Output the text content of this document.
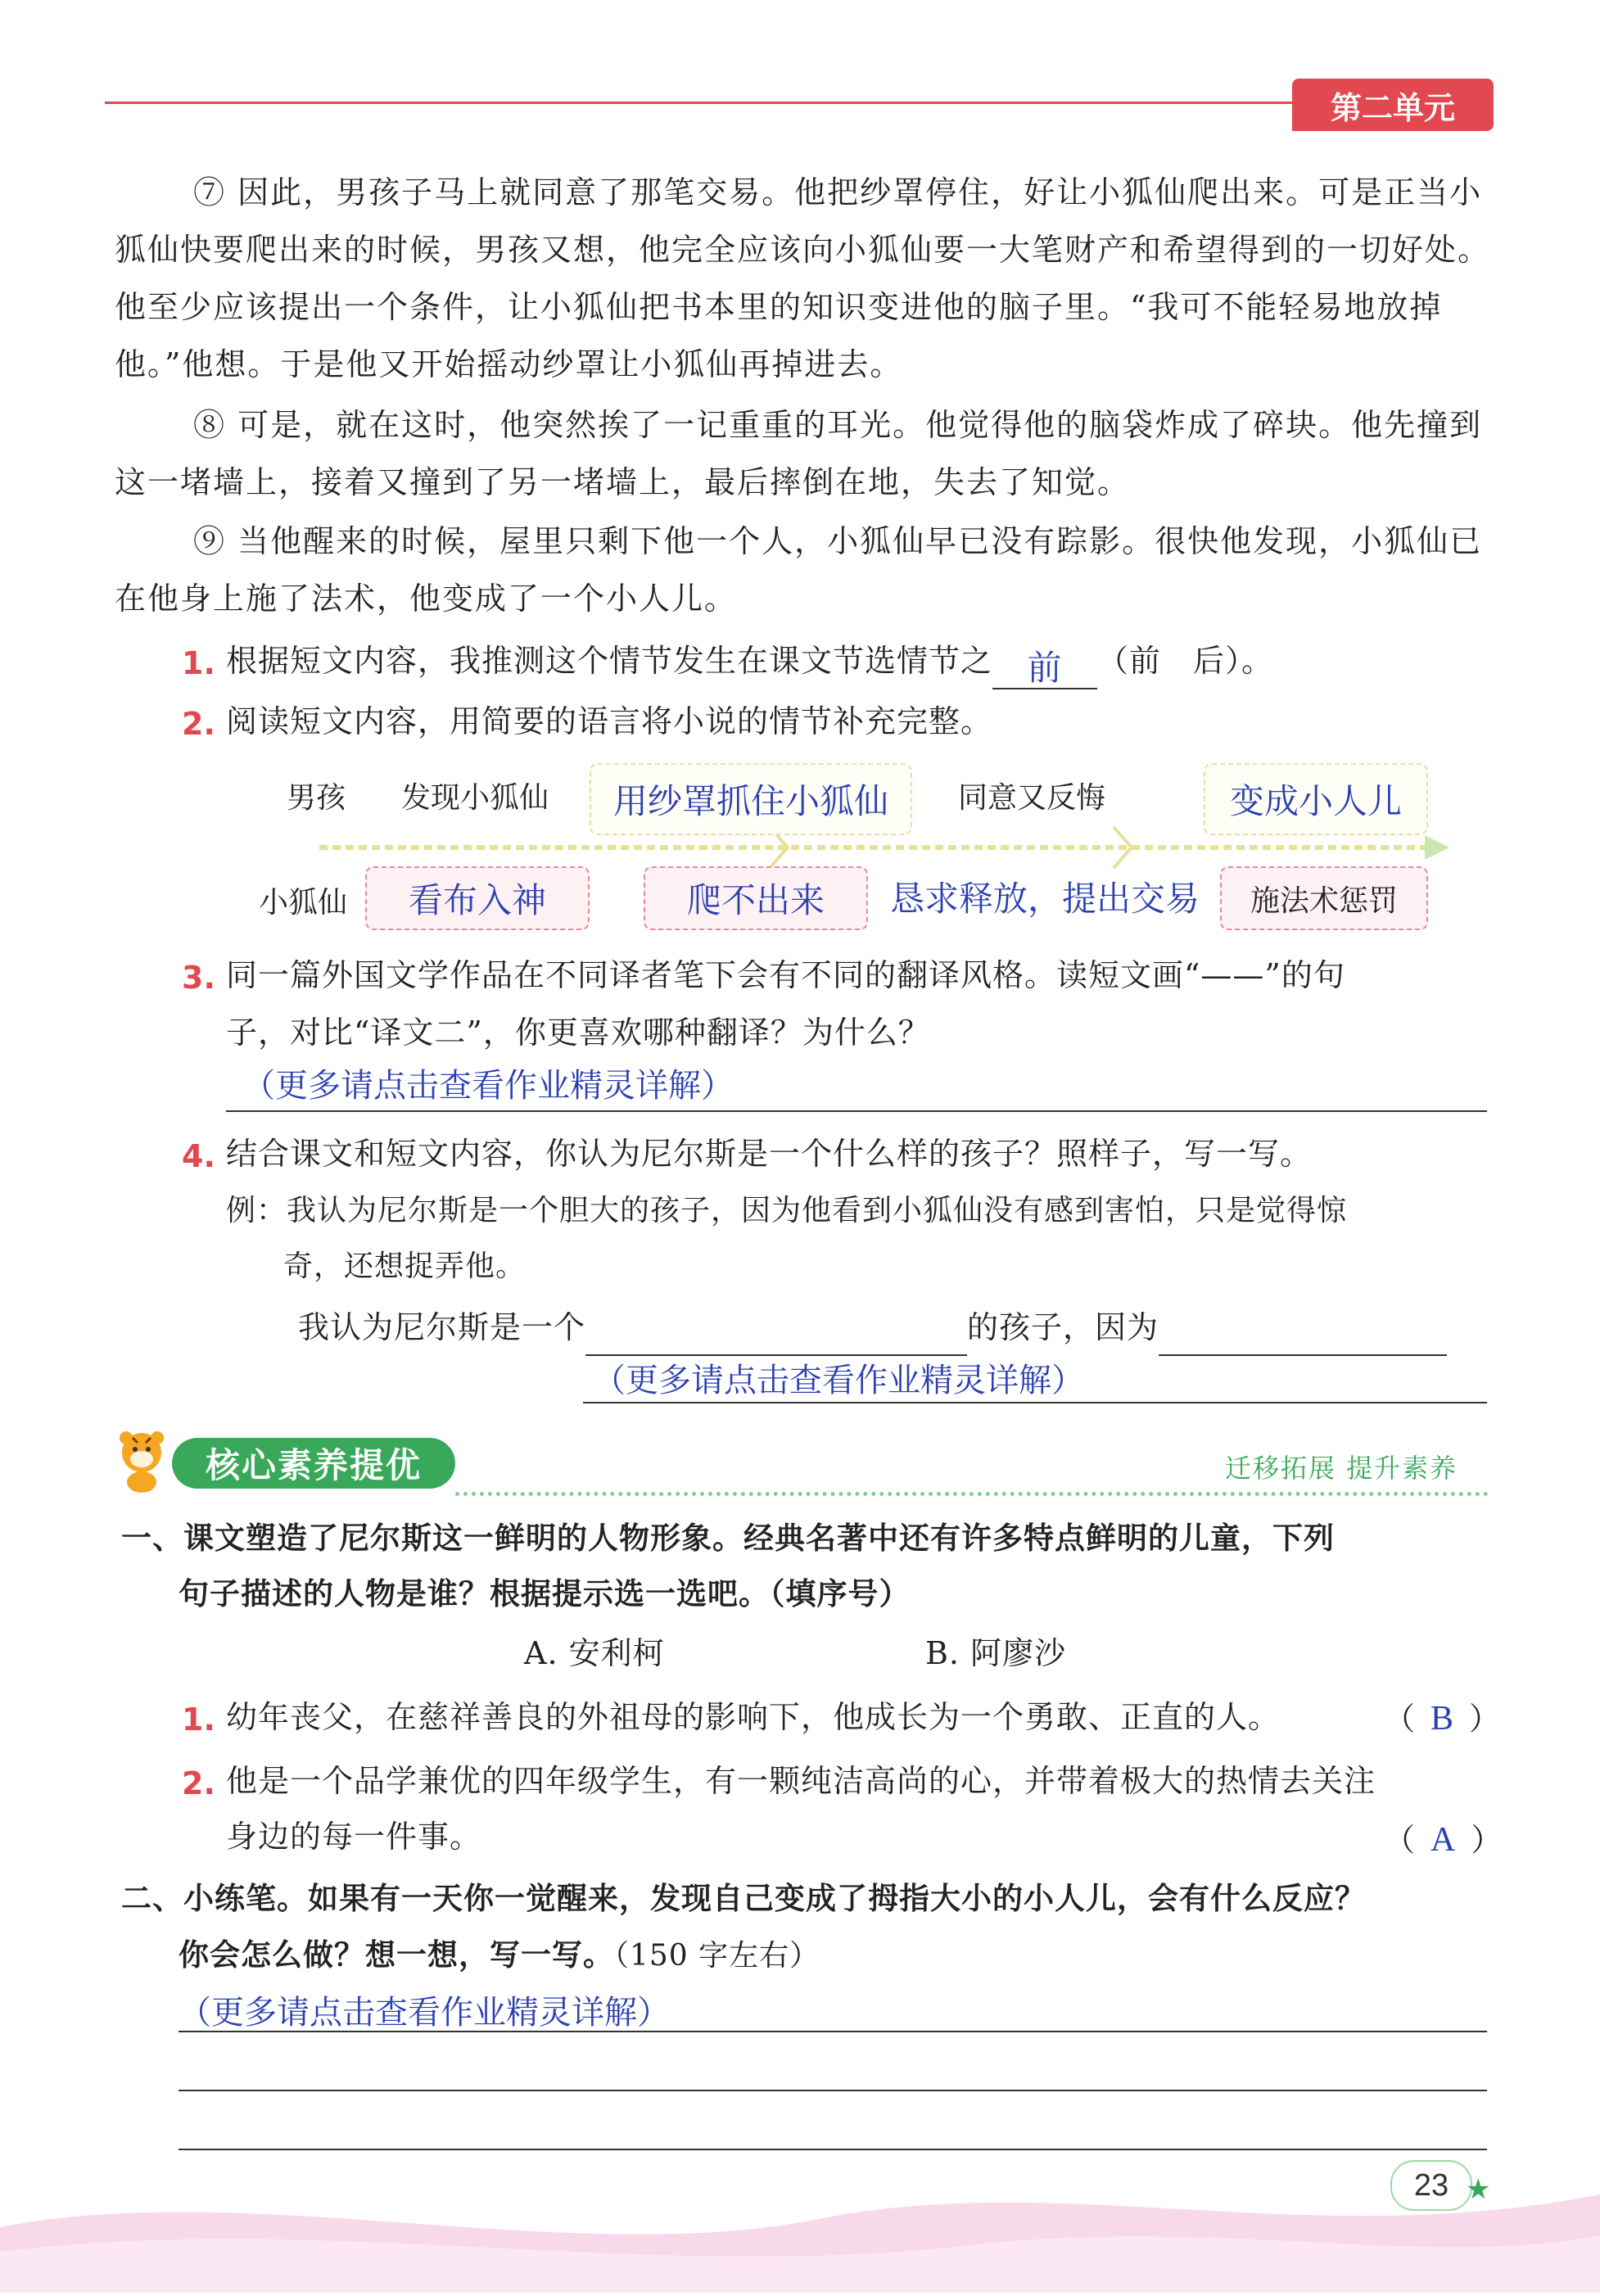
第二单元
⑦ 因此，男孩子马上就同意了那笔交易。他把纱罩停住，好让小狐仙爬出来。可是正当小狐仙快要爬出来的时候，男孩又想，他完全应该向小狐仙要一大笔财产和希望得到的一切好处。他至少应该提出一个条件，让小狐仙把书本里的知识变进他的脑子里。“我可不能轻易地放掉他。”他想。于是他又开始摇动纱罩让小狐仙再掉进去。
⑧ 可是，就在这时，他突然挨了一记重重的耳光。他觉得他的脑袋炸成了碎块。他先撞到这一堵墙上，接着又撞到了另一堵墙上，最后摔倒在地，失去了知觉。
⑨ 当他醒来的时候，屋里只剩下他一个人，小狐仙早已没有踪影。很快他发现，小狐仙已在他身上施了法术，他变成了一个小人儿。
1. 根据短文内容，我推测这个情节发生在课文节选情节之 前 （前　后）。
2. 阅读短文内容，用简要的语言将小说的情节补充完整。
男孩 发现小狐仙 用纱罩抓住小狐仙 同意又反悔	变成小人儿
小狐仙 看布入神	爬不出来 恳求释放，提出交易 施法术惩罚
3. 同一篇外国文学作品在不同译者笔下会有不同的翻译风格。读短文画“——”的句
子，对比“译文二”，你更喜欢哪种翻译？为什么？
（更多请点击查看作业精灵详解）
4. 结合课文和短文内容，你认为尼尔斯是一个什么样的孩子？照样子，写一写。
例：我认为尼尔斯是一个胆大的孩子，因为他看到小狐仙没有感到害怕，只是觉得惊
奇，还想捉弄他。
我认为尼尔斯是一个	的孩子，因为
（更多请点击查看作业精灵详解）
核心素养提优	迁移拓展 提升素养
一、课文塑造了尼尔斯这一鲜明的人物形象。经典名著中还有许多特点鲜明的儿童，下列
句子描述的人物是谁？根据提示选一选吧。（填序号）
A. 安利柯	B. 阿廖沙
1. 幼年丧父，在慈祥善良的外祖母的影响下，他成长为一个勇敢、正直的人。	（ B ）
2. 他是一个品学兼优的四年级学生，有一颗纯洁高尚的心，并带着极大的热情去关注
身边的每一件事。	（ A ）
二、小练笔。如果有一天你一觉醒来，发现自己变成了拇指大小的小人儿，会有什么反应？
你会怎么做？想一想，写一写。（150 字左右）
（更多请点击查看作业精灵详解）
23 ★
